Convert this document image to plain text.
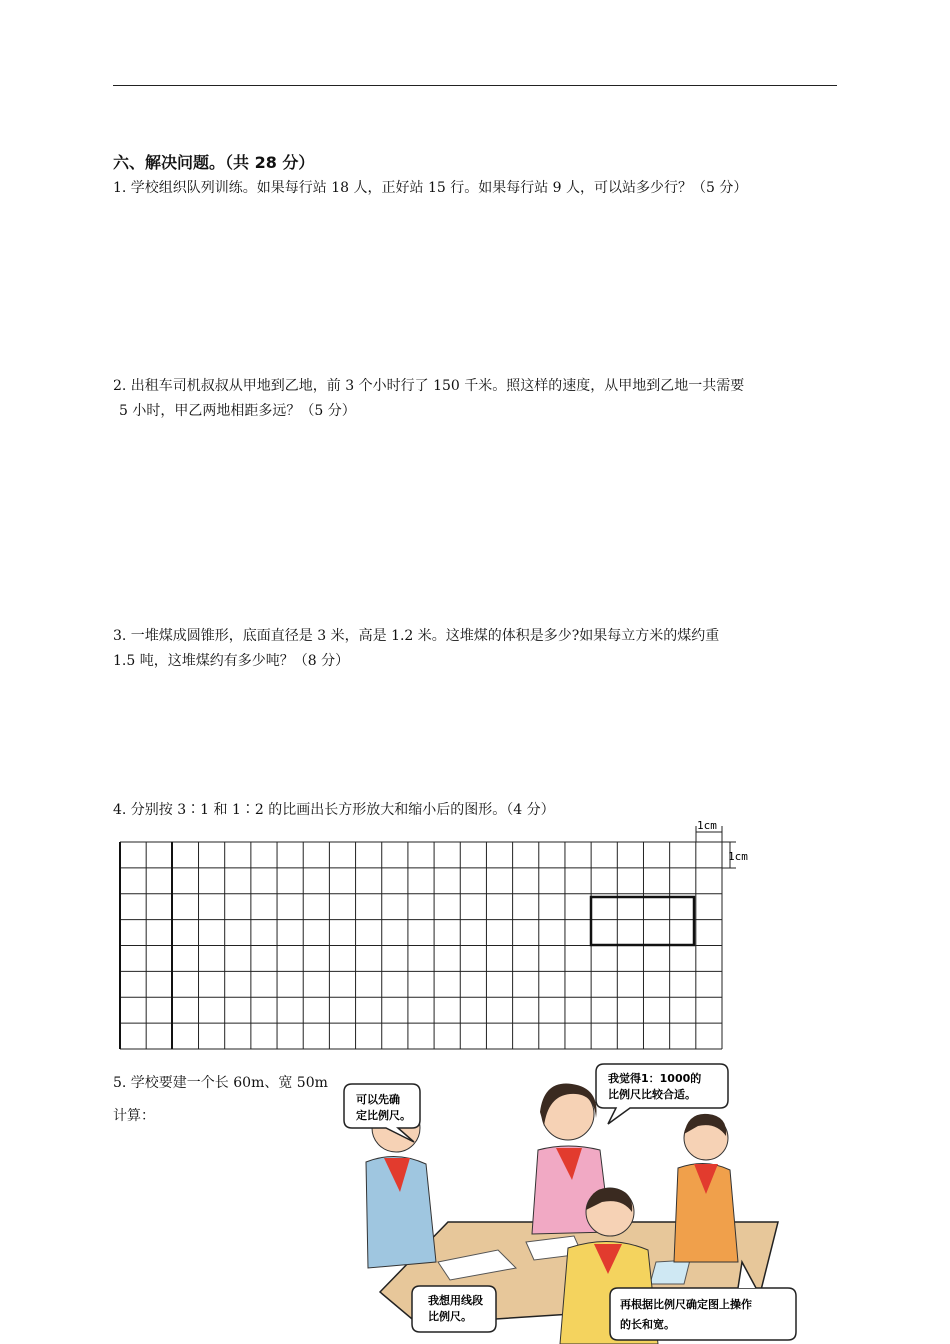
六、解决问题。（共 28 分）
1. 学校组织队列训练。如果每行站 18 人，正好站 15 行。如果每行站 9 人，可以站多少行？（5 分）
2. 出租车司机叔叔从甲地到乙地，前 3 个小时行了 150 千米。照这样的速度，从甲地到乙地一共需要
5 小时，甲乙两地相距多远？（5 分）
3. 一堆煤成圆锥形，底面直径是 3 米，高是 1.2 米。这堆煤的体积是多少?如果每立方米的煤约重
1.5 吨，这堆煤约有多少吨？（8 分）
4. 分别按 3∶1 和 1∶2 的比画出长方形放大和缩小后的图形。（4 分）
1cm
1cm
5. 学校要建一个长 60m、宽 50m
计算：
可以先确
定比例尺。
我觉得1：1000的
比例尺比较合适。
我想用线段
比例尺。
再根据比例尺确定图上操作
的长和宽。
